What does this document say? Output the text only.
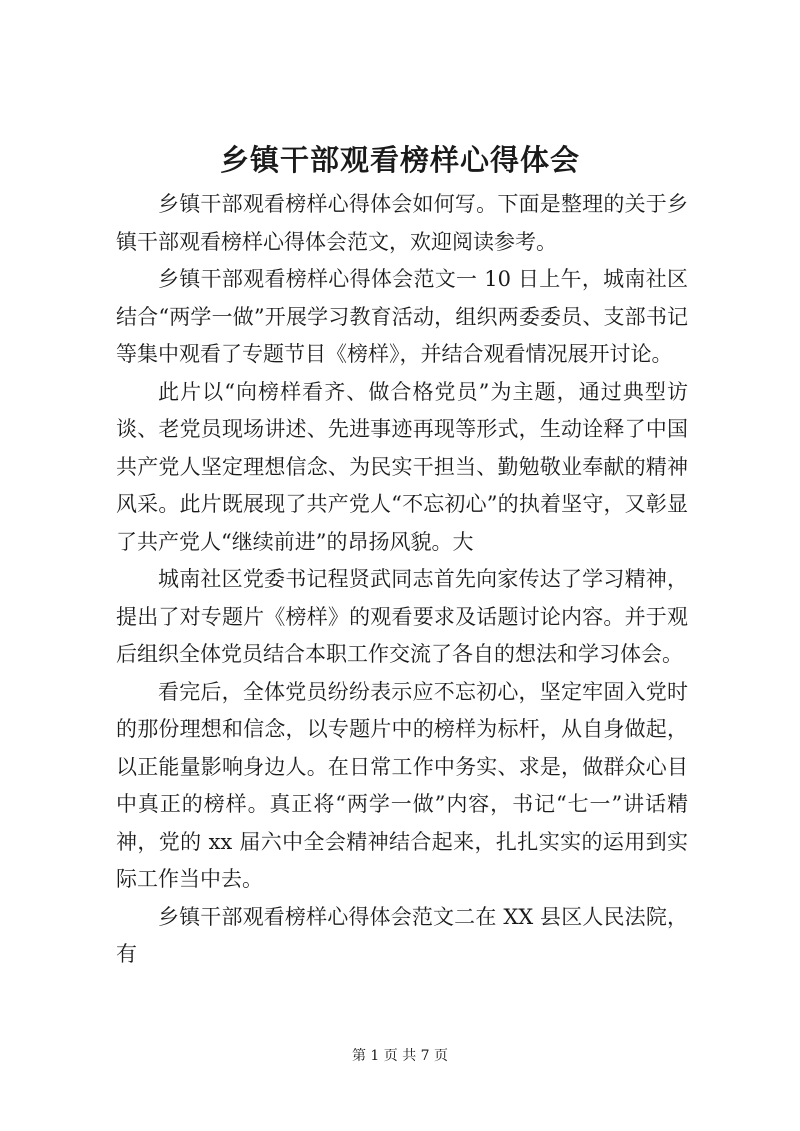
乡镇干部观看榜样心得体会

乡镇干部观看榜样心得体会如何写。下面是整理的关于乡镇干部观看榜样心得体会范文，欢迎阅读参考。

乡镇干部观看榜样心得体会范文一 10 日上午，城南社区结合“两学一做”开展学习教育活动，组织两委委员、支部书记等集中观看了专题节目《榜样》，并结合观看情况展开讨论。

此片以“向榜样看齐、做合格党员”为主题，通过典型访谈、老党员现场讲述、先进事迹再现等形式，生动诠释了中国共产党人坚定理想信念、为民实干担当、勤勉敬业奉献的精神风采。此片既展现了共产党人“不忘初心”的执着坚守，又彰显了共产党人“继续前进”的昂扬风貌。大

城南社区党委书记程贤武同志首先向家传达了学习精神，提出了对专题片《榜样》的观看要求及话题讨论内容。并于观后组织全体党员结合本职工作交流了各自的想法和学习体会。

看完后，全体党员纷纷表示应不忘初心，坚定牢固入党时的那份理想和信念，以专题片中的榜样为标杆，从自身做起，以正能量影响身边人。在日常工作中务实、求是，做群众心目中真正的榜样。真正将“两学一做”内容，书记“七一”讲话精神，党的 xx 届六中全会精神结合起来，扎扎实实的运用到实际工作当中去。

乡镇干部观看榜样心得体会范文二在 XX 县区人民法院，有

第 1 页 共 7 页
